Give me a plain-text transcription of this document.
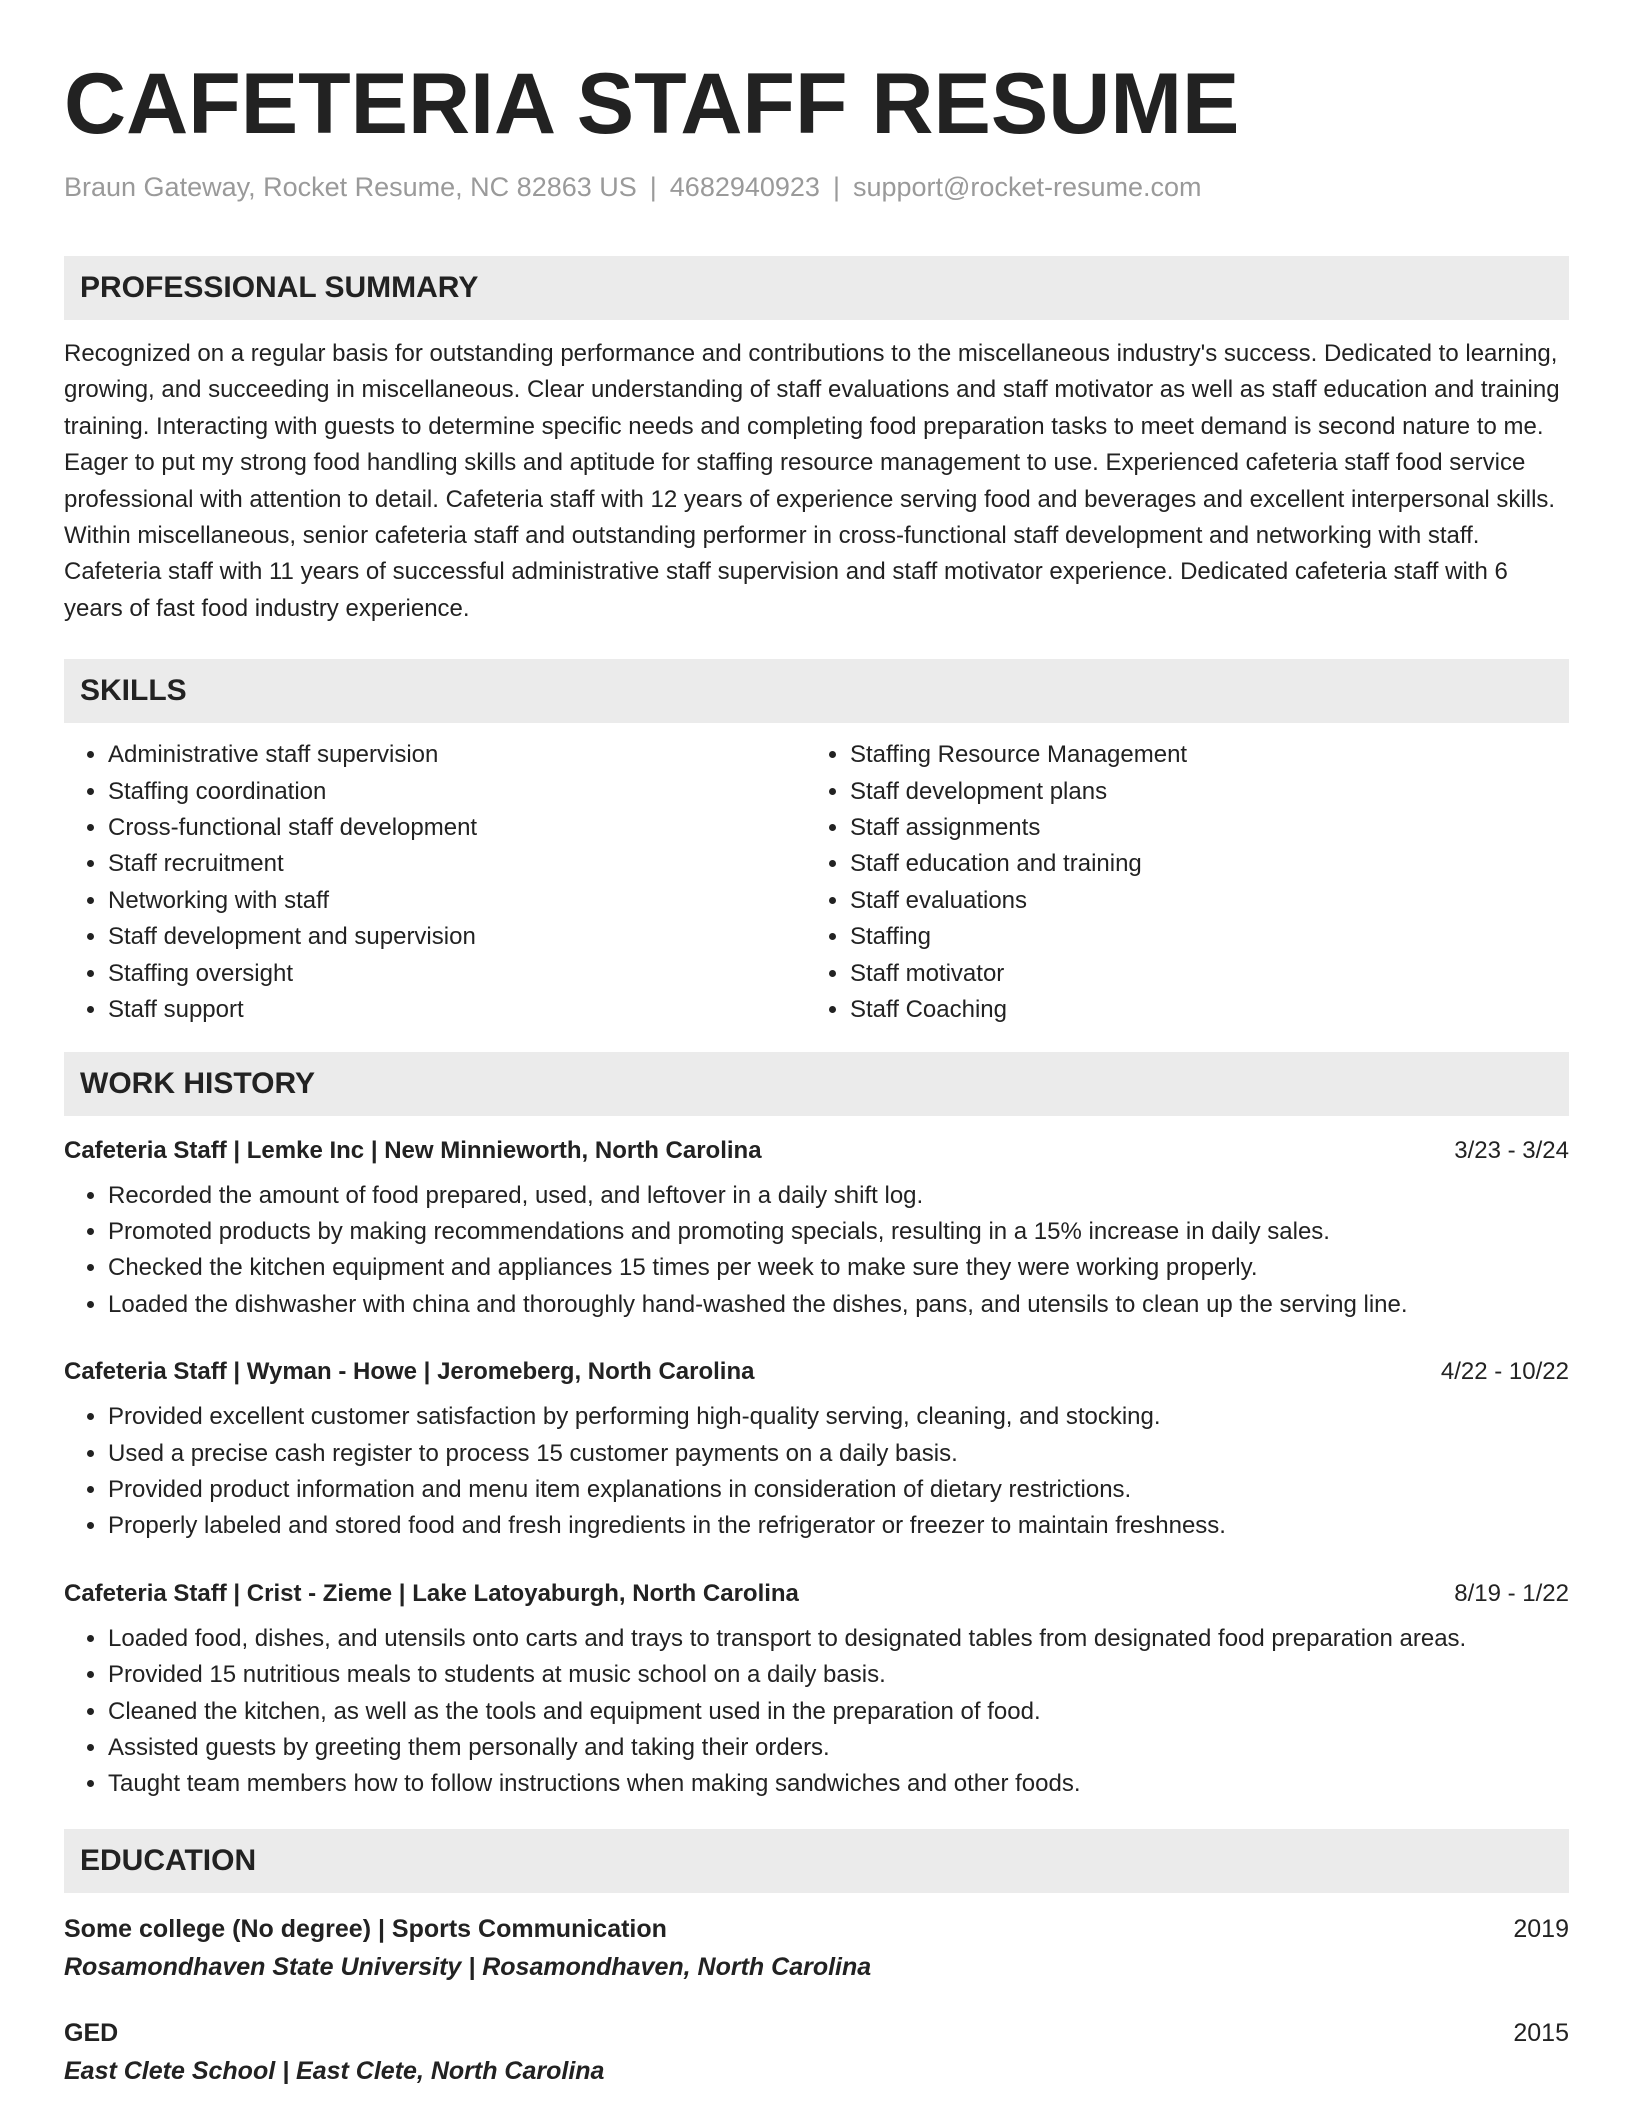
CAFETERIA STAFF RESUME
Braun Gateway, Rocket Resume, NC 82863 US | 4682940923 | support@rocket-resume.com
PROFESSIONAL SUMMARY

Recognized on a regular basis for outstanding performance and contributions to the miscellaneous industry's success. Dedicated to learning, growing, and succeeding in miscellaneous. Clear understanding of staff evaluations and staff motivator as well as staff education and training training. Interacting with guests to determine specific needs and completing food preparation tasks to meet demand is second nature to me. Eager to put my strong food handling skills and aptitude for staffing resource management to use. Experienced cafeteria staff food service professional with attention to detail. Cafeteria staff with 12 years of experience serving food and beverages and excellent interpersonal skills. Within miscellaneous, senior cafeteria staff and outstanding performer in cross-functional staff development and networking with staff. Cafeteria staff with 11 years of successful administrative staff supervision and staff motivator experience. Dedicated cafeteria staff with 6 years of fast food industry experience.

SKILLS
• Administrative staff supervision
• Staffing coordination
• Cross-functional staff development
• Staff recruitment
• Networking with staff
• Staff development and supervision
• Staffing oversight
• Staff support
• Staffing Resource Management
• Staff development plans
• Staff assignments
• Staff education and training
• Staff evaluations
• Staffing
• Staff motivator
• Staff Coaching
WORK HISTORY
Cafeteria Staff | Lemke Inc | New Minnieworth, North Carolina	3/23 - 3/24
• Recorded the amount of food prepared, used, and leftover in a daily shift log.
• Promoted products by making recommendations and promoting specials, resulting in a 15% increase in daily sales.
• Checked the kitchen equipment and appliances 15 times per week to make sure they were working properly.
• Loaded the dishwasher with china and thoroughly hand-washed the dishes, pans, and utensils to clean up the serving line.
Cafeteria Staff | Wyman - Howe | Jeromeberg, North Carolina	4/22 - 10/22
• Provided excellent customer satisfaction by performing high-quality serving, cleaning, and stocking.
• Used a precise cash register to process 15 customer payments on a daily basis.
• Provided product information and menu item explanations in consideration of dietary restrictions.
• Properly labeled and stored food and fresh ingredients in the refrigerator or freezer to maintain freshness.
Cafeteria Staff | Crist - Zieme | Lake Latoyaburgh, North Carolina	8/19 - 1/22
• Loaded food, dishes, and utensils onto carts and trays to transport to designated tables from designated food preparation areas.
• Provided 15 nutritious meals to students at music school on a daily basis.
• Cleaned the kitchen, as well as the tools and equipment used in the preparation of food.
• Assisted guests by greeting them personally and taking their orders.
• Taught team members how to follow instructions when making sandwiches and other foods.
EDUCATION
Some college (No degree) | Sports Communication	2019
Rosamondhaven State University | Rosamondhaven, North Carolina
GED	2015
East Clete School | East Clete, North Carolina
